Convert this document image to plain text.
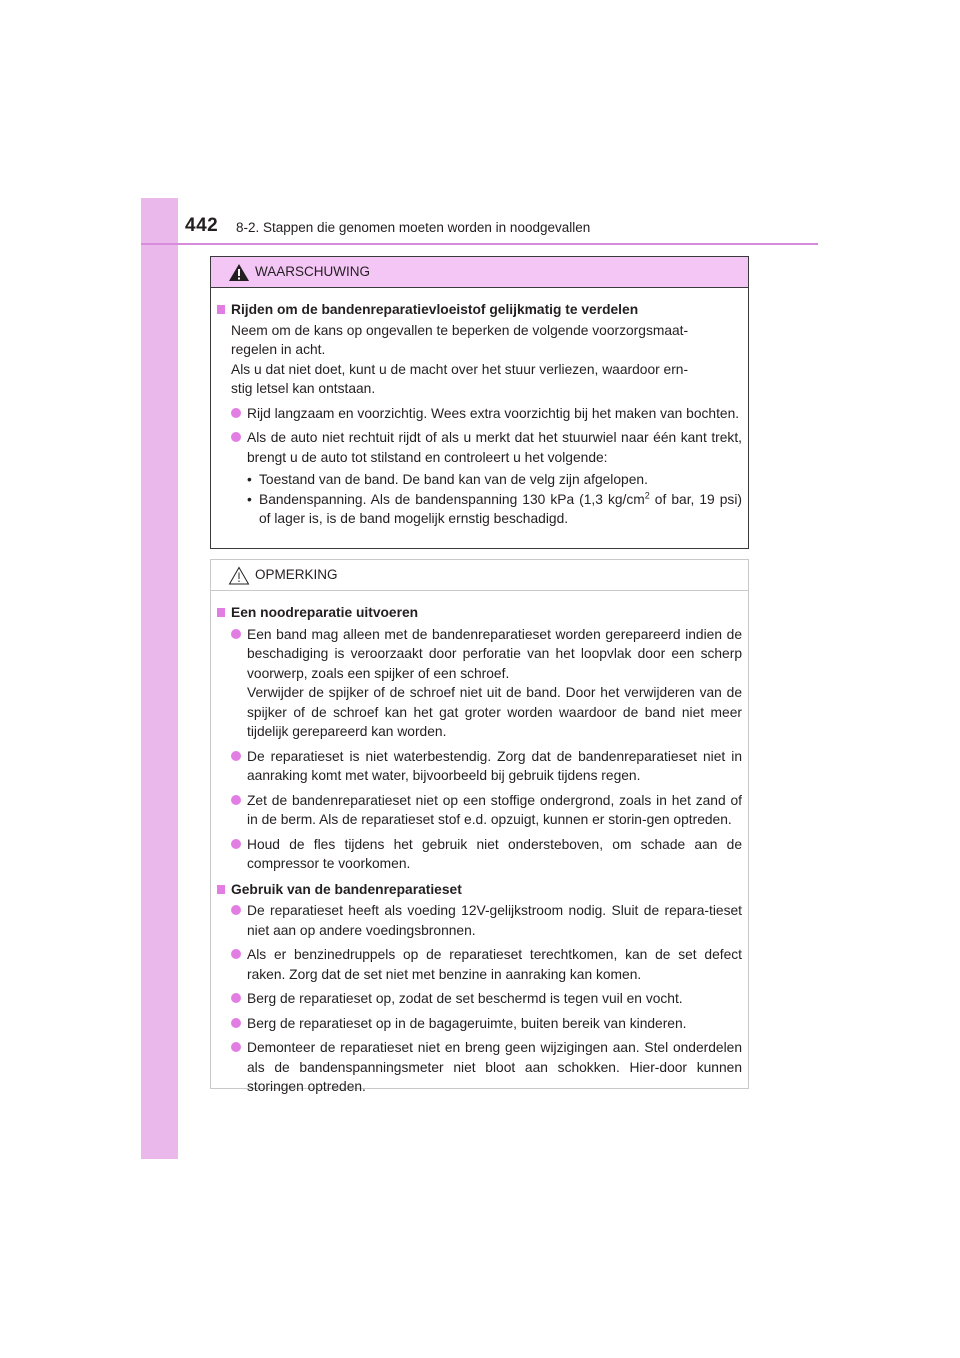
442 8-2. Stappen die genomen moeten worden in noodgevallen
WAARSCHUWING
Rijden om de bandenreparatievloeistof gelijkmatig te verdelen
Neem om de kans op ongevallen te beperken de volgende voorzorgsmaat-
regelen in acht.
Als u dat niet doet, kunt u de macht over het stuur verliezen, waardoor ern-
stig letsel kan ontstaan.

Rijd langzaam en voorzichtig. Wees extra voorzichtig bij het maken van bochten.

Als de auto niet rechtuit rijdt of als u merkt dat het stuurwiel naar één kant trekt, brengt u de auto tot stilstand en controleert u het volgende:

• Toestand van de band. De band kan van de velg zijn afgelopen.
• Bandenspanning. Als de bandenspanning 130 kPa (1,3 $kg/cm^2$ of bar, 19 psi) of lager is, is de band mogelijk ernstig beschadigd.
OPMERKING
Een noodreparatie uitvoeren

Een band mag alleen met de bandenreparatieset worden gerepareerd indien de beschadiging is veroorzaakt door perforatie van het loopvlak door een scherp voorwerp, zoals een spijker of een schroef.

Verwijder de spijker of de schroef niet uit de band. Door het verwijderen van de spijker of de schroef kan het gat groter worden waardoor de band niet meer tijdelijk gerepareerd kan worden.

De reparatieset is niet waterbestendig. Zorg dat de bandenreparatieset niet in aanraking komt met water, bijvoorbeeld bij gebruik tijdens regen.

Zet de bandenreparatieset niet op een stoffige ondergrond, zoals in het zand of in de berm. Als de reparatieset stof e.d. opzuigt, kunnen er storin-gen optreden.

Houd de fles tijdens het gebruik niet ondersteboven, om schade aan de compressor te voorkomen.

Gebruik van de bandenreparatieset

De reparatieset heeft als voeding 12V-gelijkstroom nodig. Sluit de repara-tieset niet aan op andere voedingsbronnen.

Als er benzinedruppels op de reparatieset terechtkomen, kan de set defect raken. Zorg dat de set niet met benzine in aanraking kan komen.

Berg de reparatieset op, zodat de set beschermd is tegen vuil en vocht.

Berg de reparatieset op in de bagageruimte, buiten bereik van kinderen.

Demonteer de reparatieset niet en breng geen wijzigingen aan. Stel onderdelen als de bandenspanningsmeter niet bloot aan schokken. Hier-door kunnen storingen optreden.
